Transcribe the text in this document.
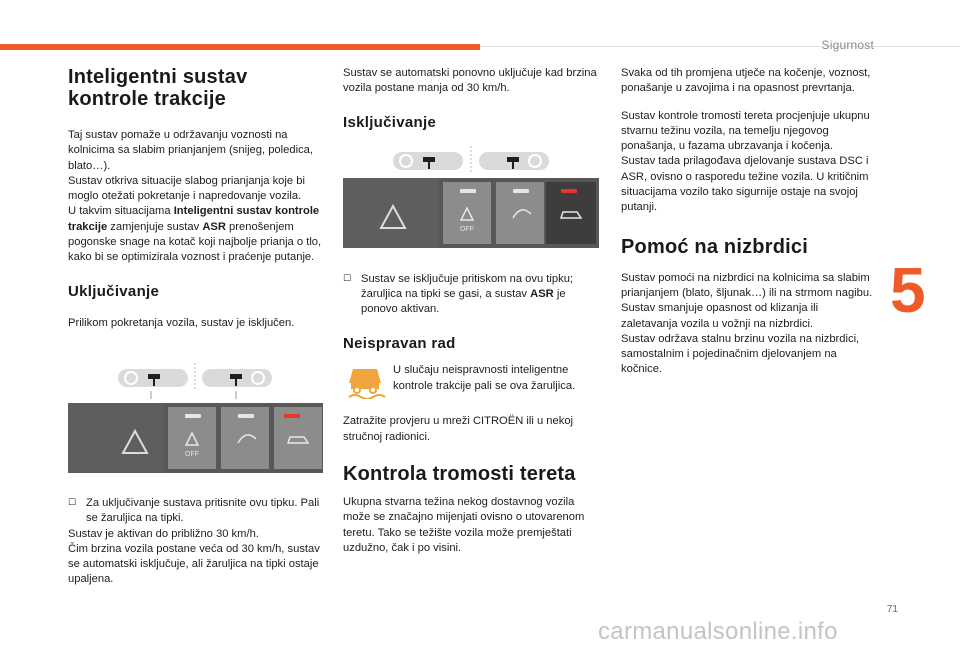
Sigurnost
5
71
carmanualsonline.info
Inteligentni sustav kontrole trakcije

Taj sustav pomaže u održavanju voznosti na kolnicima sa slabim prianjanjem (snijeg, poledica, blato…).

Sustav otkriva situacije slabog prianjanja koje bi moglo otežati pokretanje i napredovanje vozila.

U takvim situacijama Inteligentni sustav kontrole trakcije zamjenjuje sustav ASR prenošenjem pogonske snage na kotač koji najbolje prianja o tlo, kako bi se optimizirala voznost i praćenje putanje.

Uključivanje

Prilikom pokretanja vozila, sustav je isključen.

OFF
☐ Za uključivanje sustava pritisnite ovu tipku. Pali se žaruljica na tipki.

Sustav je aktivan do približno 30 km/h.

Čim brzina vozila postane veća od 30 km/h, sustav se automatski isključuje, ali žaruljica na tipki ostaje upaljena.

Sustav se automatski ponovno uključuje kad brzina vozila postane manja od 30 km/h.

Isključivanje
OFF
☐ Sustav se isključuje pritiskom na ovu tipku; žaruljica na tipki se gasi, a sustav ASR je ponovo aktivan.
Neispravan rad

U slučaju neispravnosti inteligentne kontrole trakcije pali se ova žaruljica.

Zatražite provjeru u mreži CITROËN ili u nekoj stručnoj radionici.

Kontrola tromosti tereta

Ukupna stvarna težina nekog dostavnog vozila može se značajno mijenjati ovisno o utovarenom teretu. Tako se težište vozila može premještati uzdužno, čak i po visini.

Svaka od tih promjena utječe na kočenje, voznost, ponašanje u zavojima i na opasnost prevrtanja.

Sustav kontrole tromosti tereta procjenjuje ukupnu stvarnu težinu vozila, na temelju njegovog ponašanja, u fazama ubrzavanja i kočenja.

Sustav tada prilagođava djelovanje sustava DSC i ASR, ovisno o rasporedu težine vozila. U kritičnim situacijama vozilo tako sigurnije ostaje na svojoj putanji.

Pomoć na nizbrdici

Sustav pomoći na nizbrdici na kolnicima sa slabim prianjanjem (blato, šljunak…) ili na strmom nagibu.

Sustav smanjuje opasnost od klizanja ili zaletavanja vozila u vožnji na nizbrdici.

Sustav održava stalnu brzinu vozila na nizbrdici, samostalnim i pojedinačnim djelovanjem na kočnice.
